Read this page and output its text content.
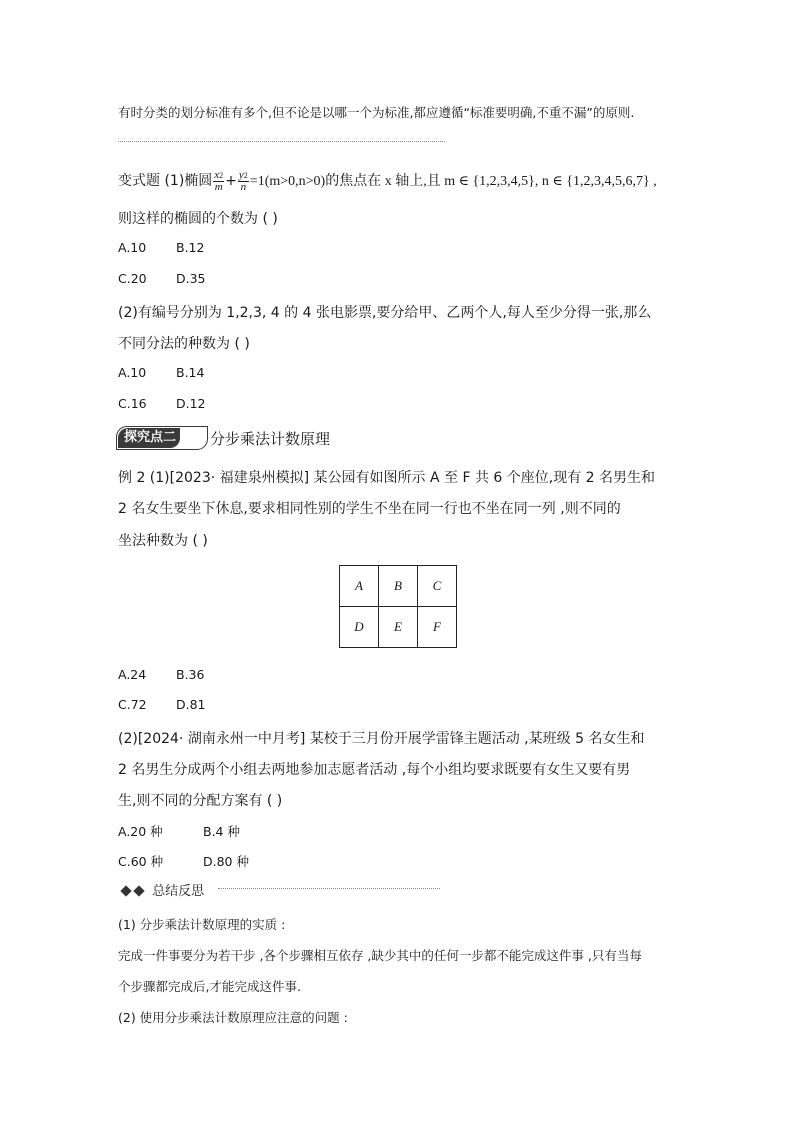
有时分类的划分标准有多个,但不论是以哪一个为标准,都应遵循“标准要明确,不重不漏”的原则.
变式题 (1)椭圆 $\frac{x^2}{m} + \frac{y^2}{n} =1(m>0,n>0)$的焦点在 x 轴上,且 m ∈ {1,2,3,4,5}, n ∈ {1,2,3,4,5,6,7} ,
则这样的椭圆的个数为 ( )
A.10 B.12
C.20 D.35
(2)有编号分别为 1,2,3, 4 的 4 张电影票,要分给甲、乙两个人,每人至少分得一张,那么
不同分法的种数为 ( )
A.10 B.14
C.16 D.12
探究点二 分步乘法计数原理
例 2 (1)[2023· 福建泉州模拟] 某公园有如图所示 A 至 F 共 6 个座位,现有 2 名男生和
2 名女生要坐下休息,要求相同性别的学生不坐在同一行也不坐在同一列 ,则不同的
坐法种数为 ( )
A	B	C
D	E	F
A.24 B.36
C.72 D.81
(2)[2024· 湖南永州一中月考] 某校于三月份开展学雷锋主题活动 ,某班级 5 名女生和
2 名男生分成两个小组去两地参加志愿者活动 ,每个小组均要求既要有女生又要有男
生,则不同的分配方案有 ( )
A.20 种	B.4 种
C.60 种	D.80 种
总结反思
(1) 分步乘法计数原理的实质 :
完成一件事要分为若干步 ,各个步骤相互依存 ,缺少其中的任何一步都不能完成这件事 ,只有当每
个步骤都完成后,才能完成这件事.
(2) 使用分步乘法计数原理应注意的问题 :
